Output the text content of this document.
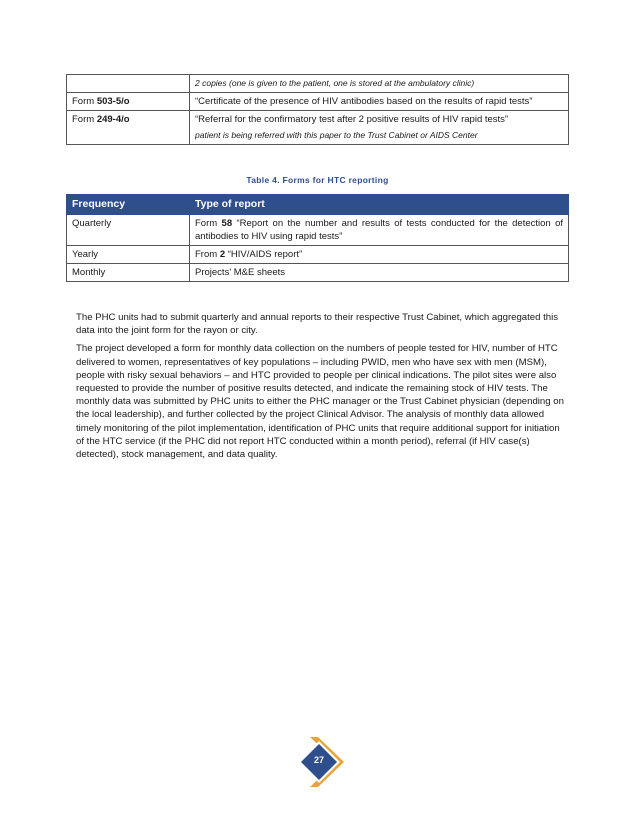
	2 copies (one is given to the patient, one is stored at the ambulatory clinic)
Form 503-5/o	“Certificate of the presence of HIV antibodies based on the results of rapid tests”
Form 249-4/o	“Referral for the confirmatory test after 2 positive results of HIV rapid tests”
patient is being referred with this paper to the Trust Cabinet or AIDS Center
Table 4. Forms for HTC reporting
Frequency	Type of report
Quarterly	Form 58 “Report on the number and results of tests conducted for the detection of antibodies to HIV using rapid tests”
Yearly	From 2 “HIV/AIDS report”
Monthly	Projects' M&E sheets

The PHC units had to submit quarterly and annual reports to their respective Trust Cabinet, which aggregated this data into the joint form for the rayon or city.

The project developed a form for monthly data collection on the numbers of people tested for HIV, number of HTC delivered to women, representatives of key populations – including PWID, men who have sex with men (MSM), people with risky sexual behaviors – and HTC provided to people per clinical indications. The pilot sites were also requested to provide the number of positive results detected, and indicate the remaining stock of HIV tests. The monthly data was submitted by PHC units to either the PHC manager or the Trust Cabinet physician (depending on the local leadership), and further collected by the project Clinical Advisor. The analysis of monthly data allowed timely monitoring of the pilot implementation, identification of PHC units that require additional support for initiation of the HTC service (if the PHC did not report HTC conducted within a month period), referral (if HIV case(s) detected), stock management, and data quality.

27
